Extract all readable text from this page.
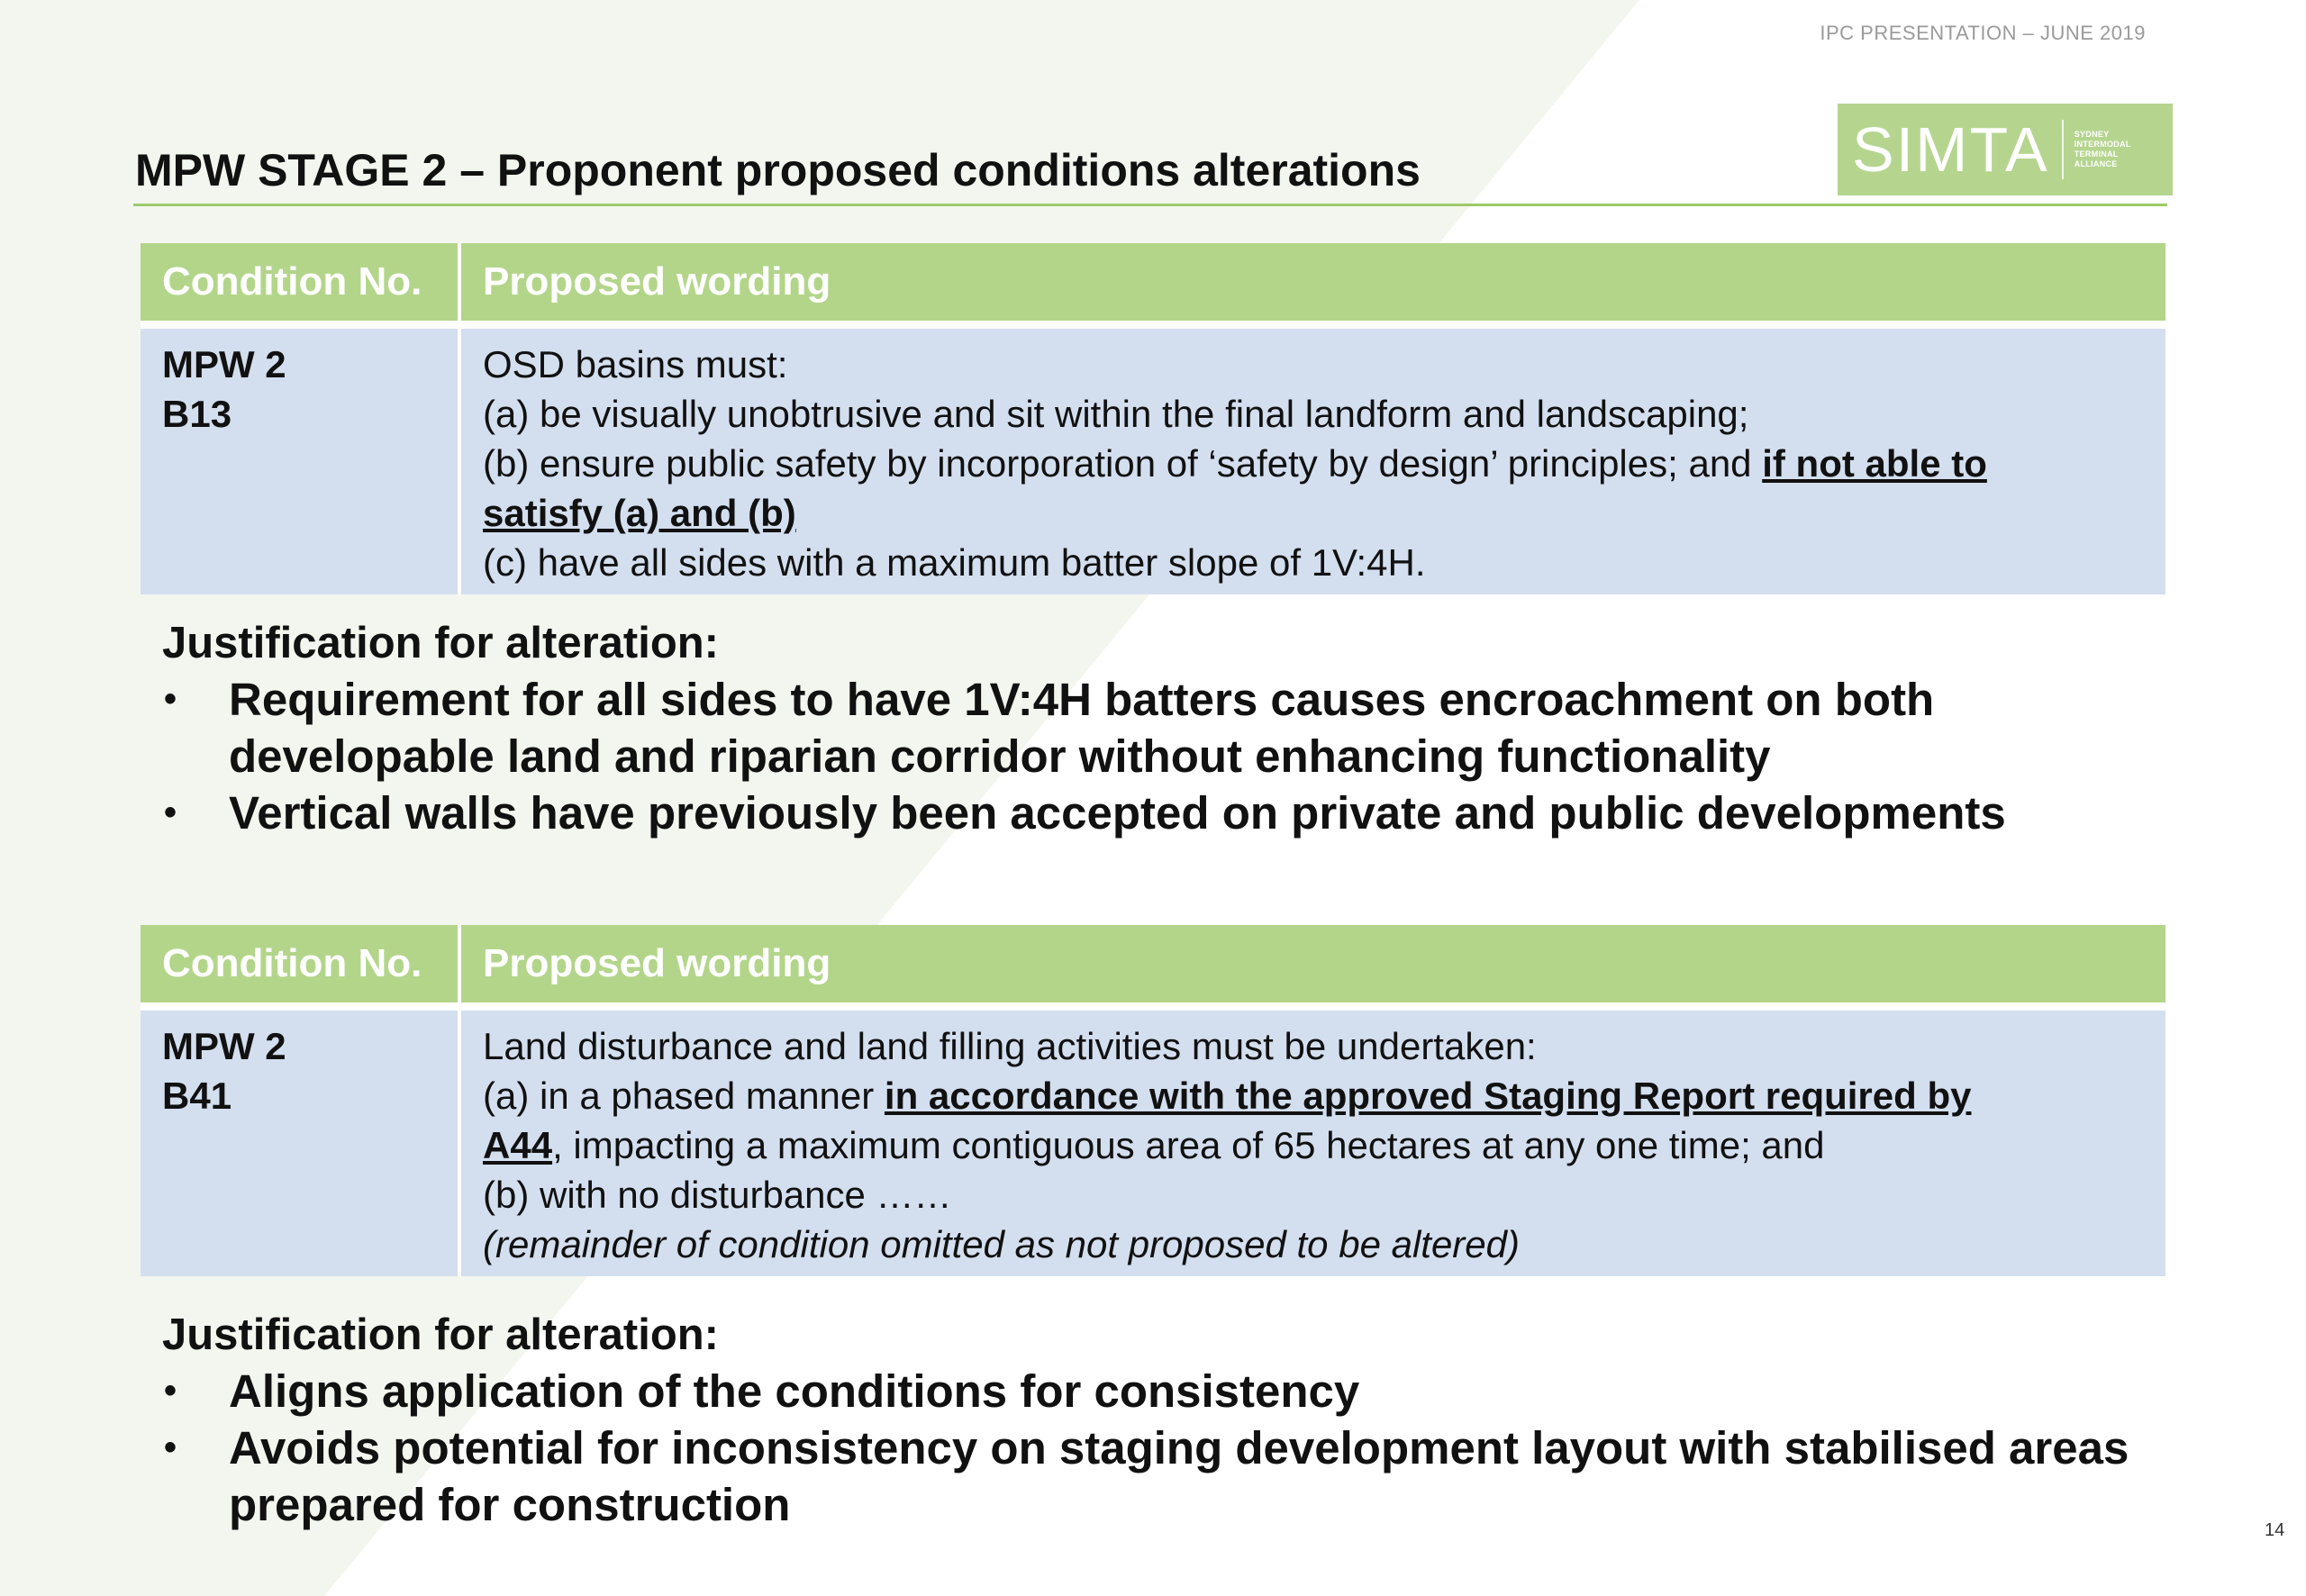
IPC PRESENTATION – JUNE 2019
SIMTA	SYDNEY
INTERMODAL
TERMINAL
ALLIANCE
MPW STAGE 2 – Proponent proposed conditions alterations
Condition No.	Proposed wording

MPW 2
B13	OSD basins must:
(a) be visually unobtrusive and sit within the final landform and landscaping;
(b) ensure public safety by incorporation of ‘safety by design’ principles; and if not able to
satisfy (a) and (b)
(c) have all sides with a maximum batter slope of 1V:4H.
Justification for alteration:
• Requirement for all sides to have 1V:4H batters causes encroachment on both developable land and riparian corridor without enhancing functionality
• Vertical walls have previously been accepted on private and public developments
Condition No.	Proposed wording

MPW 2
B41	Land disturbance and land filling activities must be undertaken:
(a) in a phased manner in accordance with the approved Staging Report required by
A44, impacting a maximum contiguous area of 65 hectares at any one time; and
(b) with no disturbance ……
(remainder of condition omitted as not proposed to be altered)
Justification for alteration:
• Aligns application of the conditions for consistency
• Avoids potential for inconsistency on staging development layout with stabilised areas prepared for construction	14
